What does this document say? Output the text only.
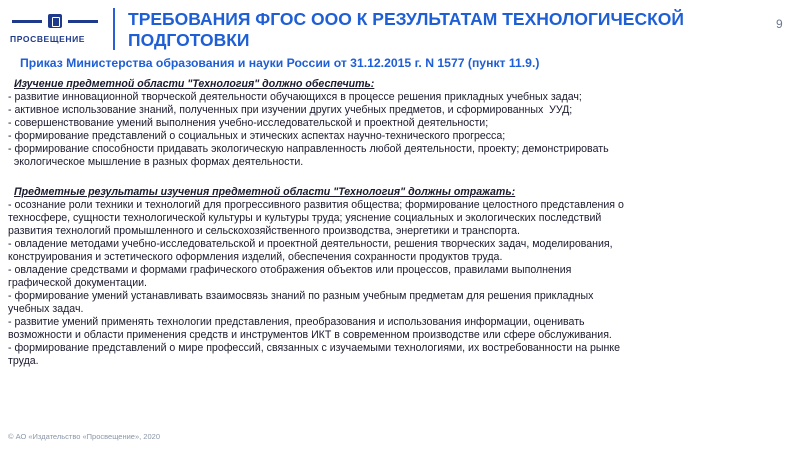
ПРОСВЕЩЕНИЕ
ТРЕБОВАНИЯ ФГОС ООО К РЕЗУЛЬТАТАМ ТЕХНОЛОГИЧЕСКОЙ ПОДГОТОВКИ
9

Приказ Министерства образования и науки России от 31.12.2015 г. N 1577 (пункт 11.9.)

Изучение предметной области "Технология" должно обеспечить:

- развитие инновационной творческой деятельности обучающихся в процессе решения прикладных учебных задач;

- активное использование знаний, полученных при изучении других учебных предметов, и сформированных  УУД;

- совершенствование умений выполнения учебно-исследовательской и проектной деятельности;

- формирование представлений о социальных и этических аспектах научно-технического прогресса;

- формирование способности придавать экологическую направленность любой деятельности, проекту; демонстрировать

экологическое мышление в разных формах деятельности.

Предметные результаты изучения предметной области "Технология" должны отражать:

- осознание роли техники и технологий для прогрессивного развития общества; формирование целостного представления о

техносфере, сущности технологической культуры и культуры труда; уяснение социальных и экологических последствий

развития технологий промышленного и сельскохозяйственного производства, энергетики и транспорта.

- овладение методами учебно-исследовательской и проектной деятельности, решения творческих задач, моделирования,

конструирования и эстетического оформления изделий, обеспечения сохранности продуктов труда.

- овладение средствами и формами графического отображения объектов или процессов, правилами выполнения

графической документации.

- формирование умений устанавливать взаимосвязь знаний по разным учебным предметам для решения прикладных

учебных задач.

- развитие умений применять технологии представления, преобразования и использования информации, оценивать

возможности и области применения средств и инструментов ИКТ в современном производстве или сфере обслуживания.

- формирование представлений о мире профессий, связанных с изучаемыми технологиями, их востребованности на рынке

труда.

© АО «Издательство «Просвещение», 2020
